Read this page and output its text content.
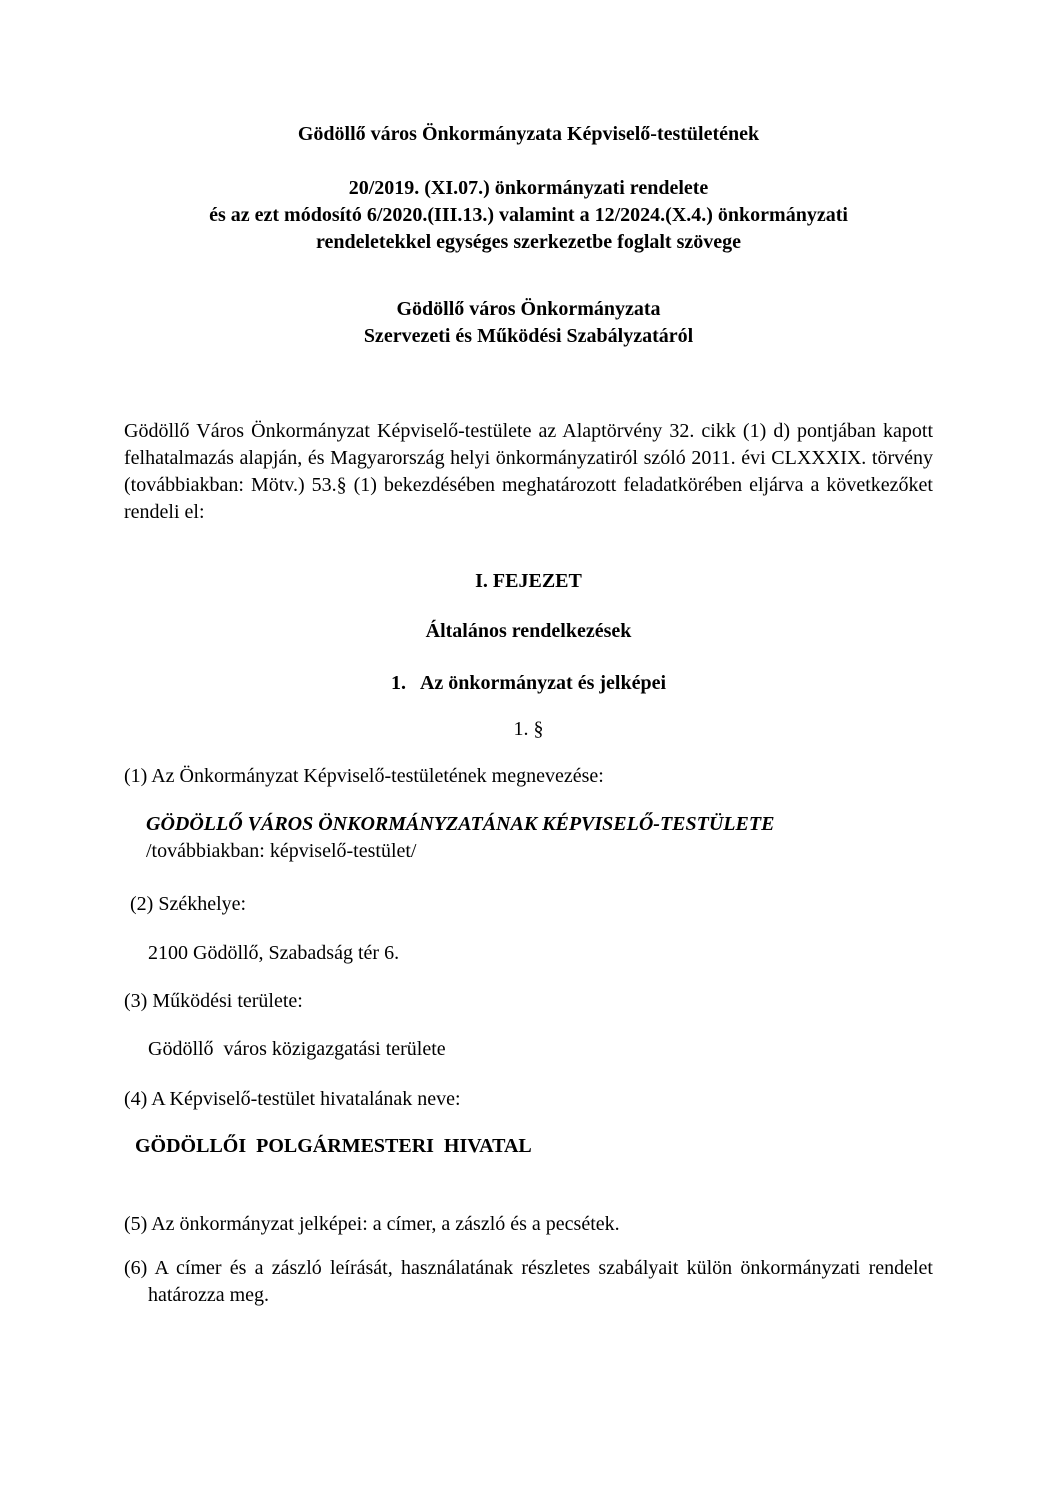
Gödöllő város Önkormányzata Képviselő-testületének
20/2019. (XI.07.) önkormányzati rendelete
és az ezt módosító 6/2020.(III.13.) valamint a 12/2024.(X.4.) önkormányzati
rendeletekkel egységes szerkezetbe foglalt szövege
Gödöllő város Önkormányzata
Szervezeti és Működési Szabályzatáról
Gödöllő Város Önkormányzat Képviselő-testülete az Alaptörvény 32. cikk (1) d) pontjában kapott felhatalmazás alapján, és Magyarország helyi önkormányzatiról szóló 2011. évi CLXXXIX. törvény (továbbiakban: Mötv.) 53.§ (1) bekezdésében meghatározott feladatkörében eljárva a következőket rendeli el:
I. FEJEZET
Általános rendelkezések
1. Az önkormányzat és jelképei
1. §
(1) Az Önkormányzat Képviselő-testületének megnevezése:
GÖDÖLLŐ VÁROS ÖNKORMÁNYZATÁNAK KÉPVISELŐ-TESTÜLETE
/továbbiakban: képviselő-testület/
(2) Székhelye:
2100 Gödöllő, Szabadság tér 6.
(3) Működési területe:
Gödöllő  város közigazgatási területe
(4) A Képviselő-testület hivatalának neve:
GÖDÖLLŐI  POLGÁRMESTERI  HIVATAL
(5) Az önkormányzat jelképei: a címer, a zászló és a pecsétek.
(6) A címer és a zászló leírását, használatának részletes szabályait külön önkormányzati rendelet határozza meg.
